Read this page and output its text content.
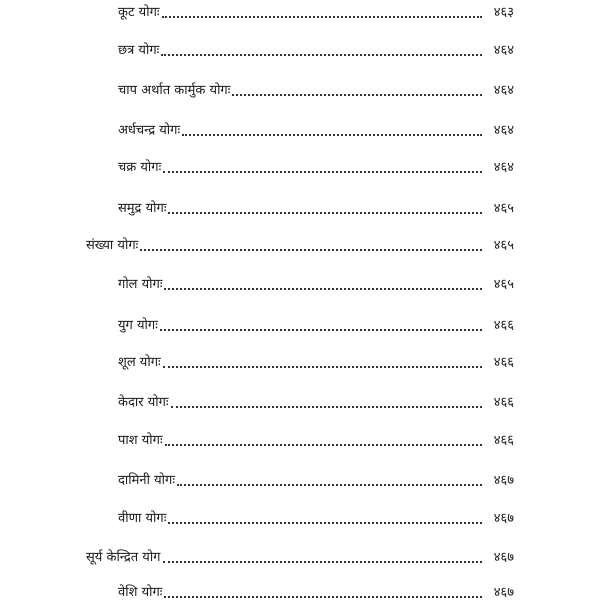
कूट योगः	४६३
छत्र योगः	४६४
चाप अर्थात कार्मुक योगः	४६४
अर्धचन्द्र योगः	४६४
चक्र योगः	४६४
समुद्र योगः	४६५
संख्या योगः	४६५
गोल योगः	४६५
युग योगः	४६६
शूल योगः	४६६
केदार योगः	४६६
पाश योगः	४६६
दामिनी योगः	४६७
वीणा योगः	४६७
सूर्य केन्द्रित योग	४६७
वेशि योगः	४६७
